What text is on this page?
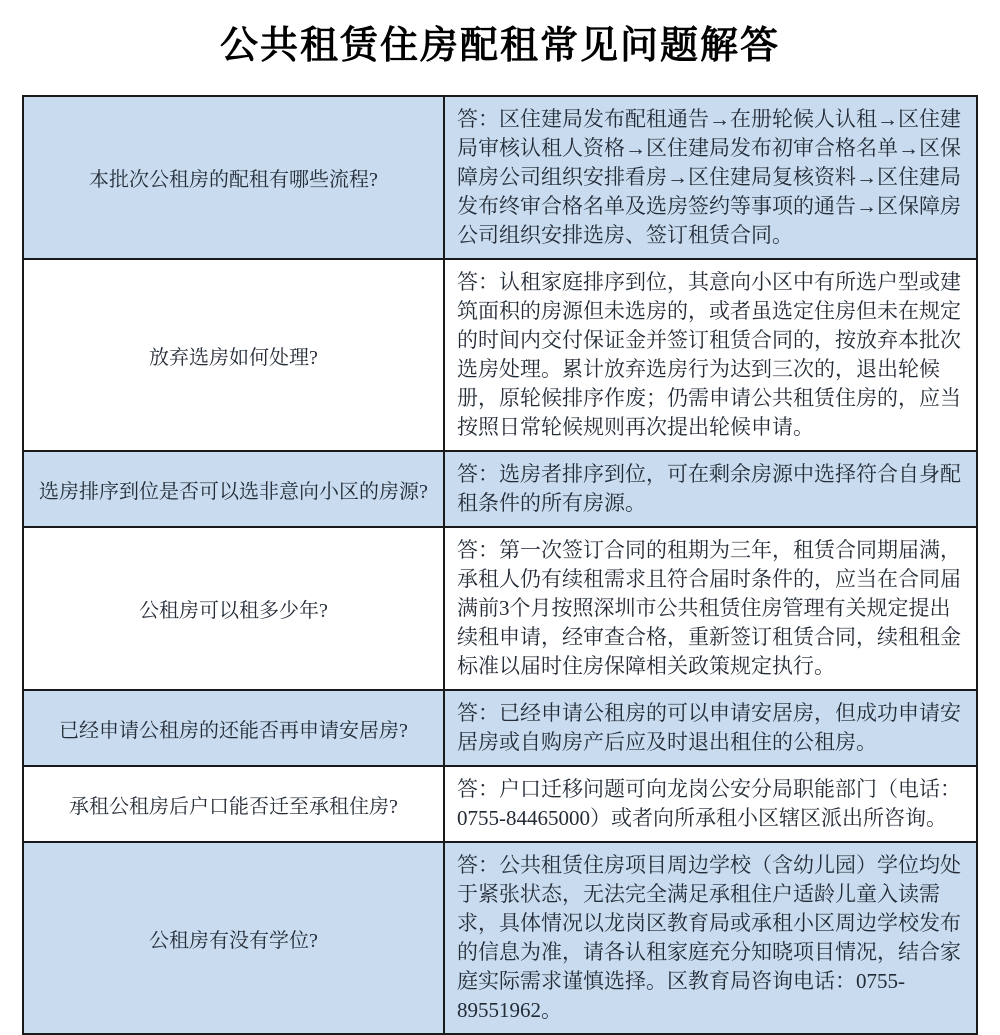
公共租赁住房配租常见问题解答
本批次公租房的配租有哪些流程?
答：区住建局发布配租通告→在册轮候人认租→区住建局审核认租人资格→区住建局发布初审合格名单→区保障房公司组织安排看房→区住建局复核资料→区住建局发布终审合格名单及选房签约等事项的通告→区保障房公司组织安排选房、签订租赁合同。
放弃选房如何处理?
答：认租家庭排序到位，其意向小区中有所选户型或建筑面积的房源但未选房的，或者虽选定住房但未在规定的时间内交付保证金并签订租赁合同的，按放弃本批次选房处理。累计放弃选房行为达到三次的，退出轮候册，原轮候排序作废；仍需申请公共租赁住房的，应当按照日常轮候规则再次提出轮候申请。
选房排序到位是否可以选非意向小区的房源?
答：选房者排序到位，可在剩余房源中选择符合自身配租条件的所有房源。
公租房可以租多少年?
答：第一次签订合同的租期为三年，租赁合同期届满，承租人仍有续租需求且符合届时条件的，应当在合同届满前3个月按照深圳市公共租赁住房管理有关规定提出续租申请，经审查合格，重新签订租赁合同，续租租金标准以届时住房保障相关政策规定执行。
已经申请公租房的还能否再申请安居房?
答：已经申请公租房的可以申请安居房，但成功申请安居房或自购房产后应及时退出租住的公租房。
承租公租房后户口能否迁至承租住房?
答：户口迁移问题可向龙岗公安分局职能部门（电话：0755-84465000）或者向所承租小区辖区派出所咨询。
公租房有没有学位?
答：公共租赁住房项目周边学校（含幼儿园）学位均处于紧张状态，无法完全满足承租住户适龄儿童入读需求，具体情况以龙岗区教育局或承租小区周边学校发布的信息为准，请各认租家庭充分知晓项目情况，结合家庭实际需求谨慎选择。区教育局咨询电话：0755-89551962。
